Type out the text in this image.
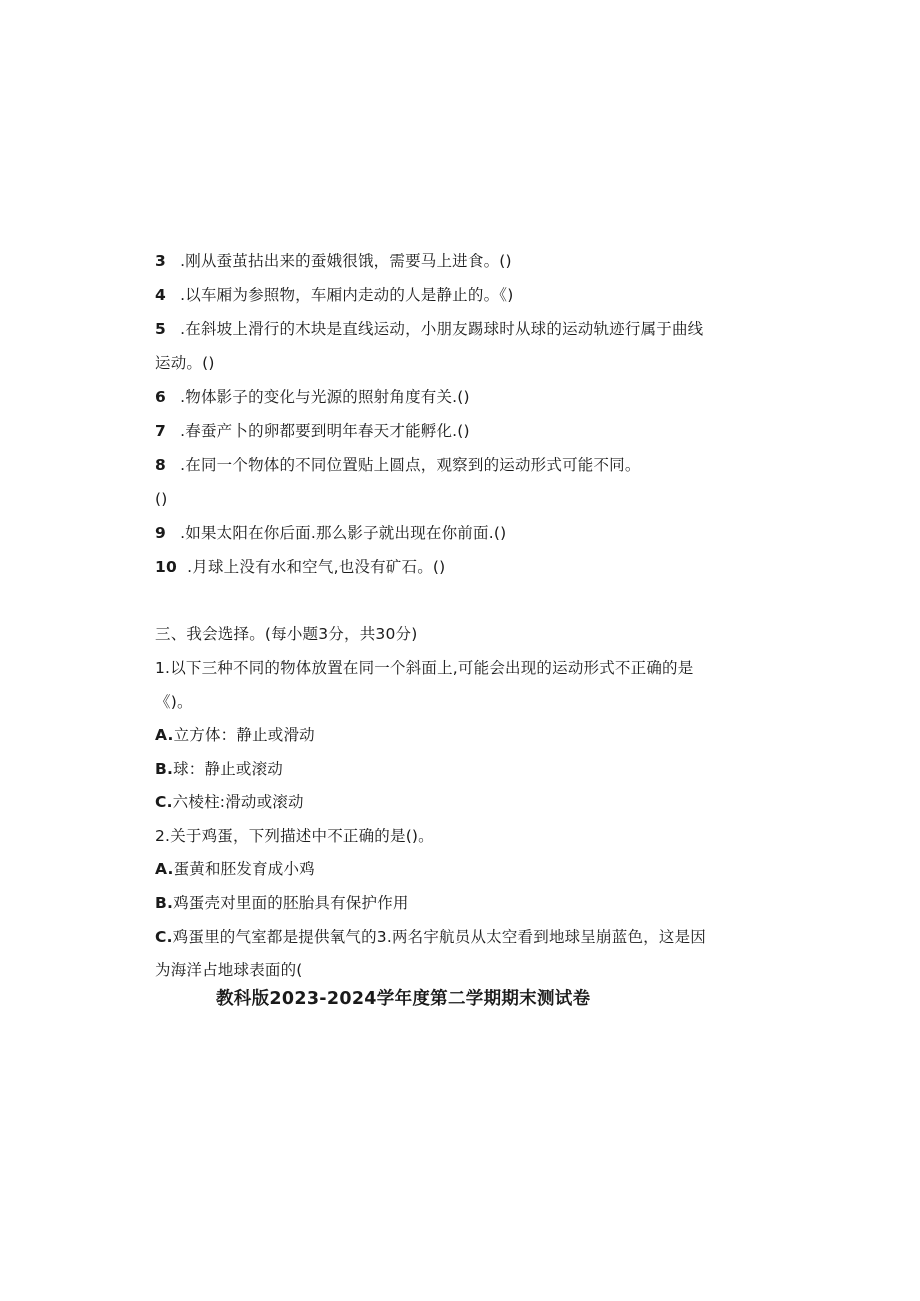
3 .刚从蚕茧拈出来的蚕娥很饿，需要马上进食。()
4 .以车厢为参照物，车厢内走动的人是静止的。《)
5 .在斜坡上滑行的木块是直线运动，小朋友踢球时从球的运动轨迹行属于曲线
运动。()
6 .物体影子的变化与光源的照射角度有关.()
7 .春蚕产卜的卵都要到明年春天才能孵化.()
8 .在同一个物体的不同位置贴上圆点，观察到的运动形式可能不同。
()
9 .如果太阳在你后面.那么影子就出现在你前面.()
10 .月球上没有水和空气,也没有矿石。()
三、我会选择。(每小题3分，共30分)
1.以下三种不同的物体放置在同一个斜面上,可能会出现的运动形式不正确的是
《)。
A.立方体：静止或滑动
B.球：静止或滚动
C.六棱柱:滑动或滚动
2.关于鸡蛋，下列描述中不正确的是()。
A.蛋黄和胚发育成小鸡
B.鸡蛋壳对里面的胚胎具有保护作用
C.鸡蛋里的气室都是提供氧气的3.两名宇航员从太空看到地球呈崩蓝色，这是因
为海洋占地球表面的(
教科版2023-2024学年度第二学期期末测试卷
